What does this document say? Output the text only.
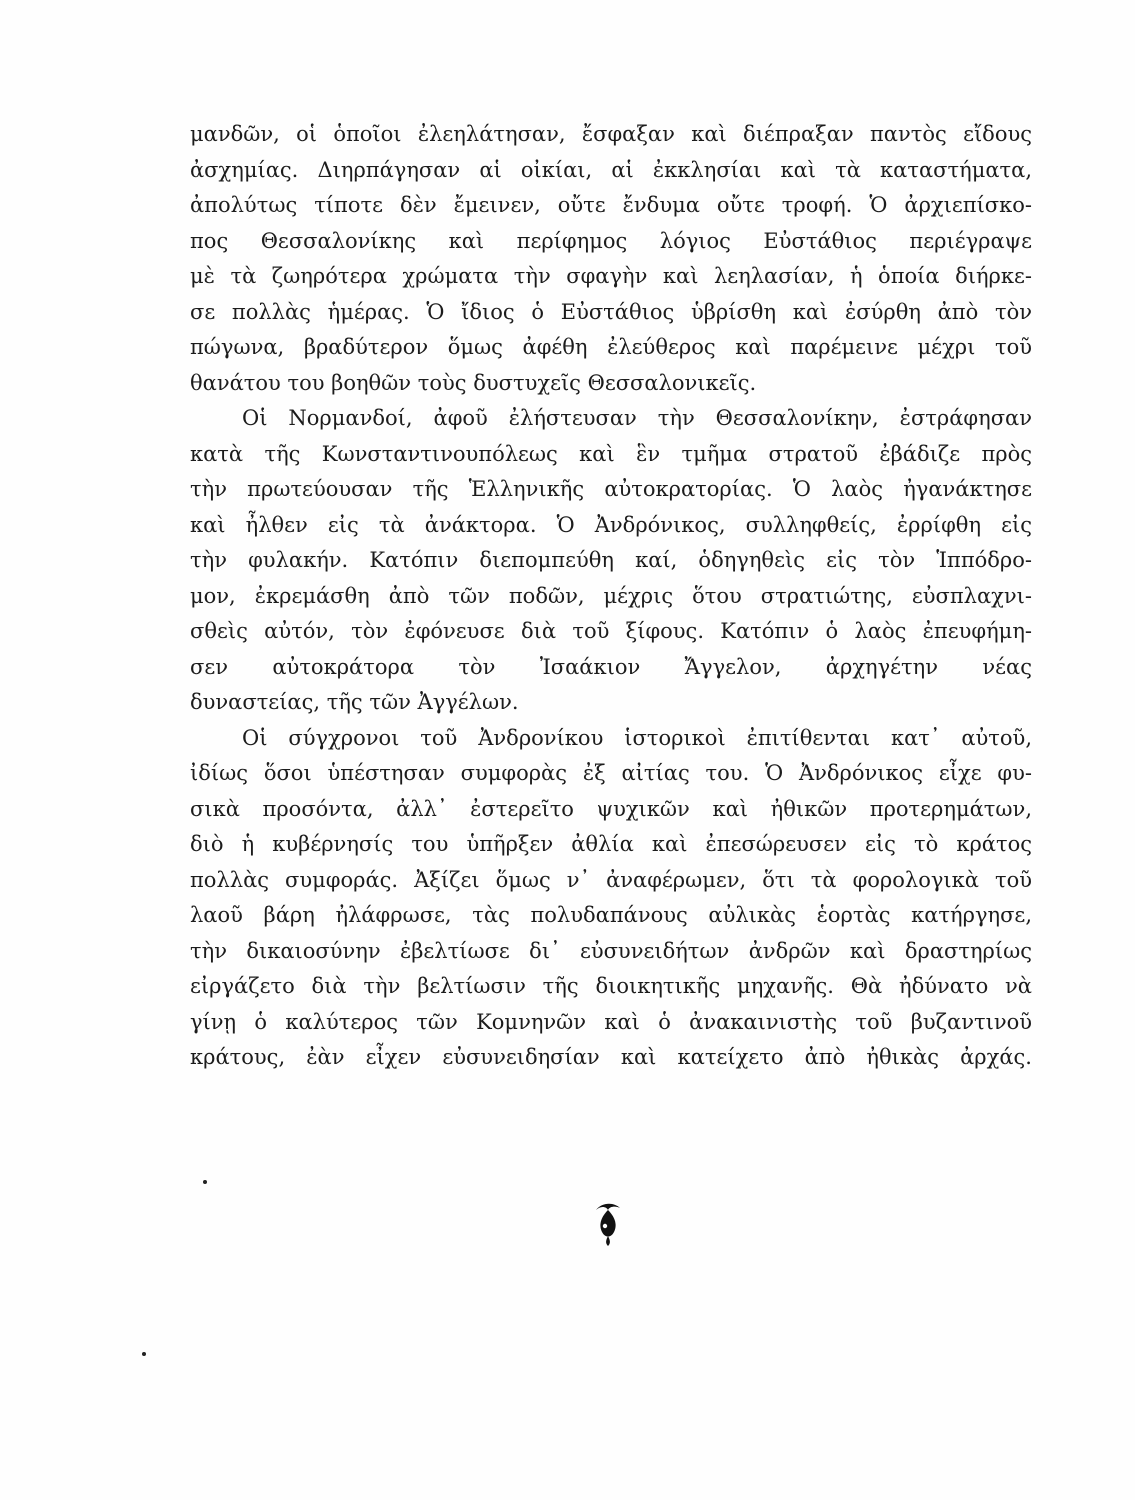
μανδῶν, οἱ ὁποῖοι ἐλεηλάτησαν, ἔσφαξαν καὶ διέπραξαν παντὸς εἴδους
ἀσχημίας. Διηρπάγησαν αἱ οἰκίαι, αἱ ἐκκλησίαι καὶ τὰ καταστήματα,
ἀπολύτως τίποτε δὲν ἔμεινεν, οὔτε ἔνδυμα οὔτε τροφή. Ὁ ἀρχιεπίσκο-
πος Θεσσαλονίκης καὶ περίφημος λόγιος Εὐστάθιος περιέγραψε
μὲ τὰ ζωηρότερα χρώματα τὴν σφαγὴν καὶ λεηλασίαν, ἡ ὁποία διήρκε-
σε πολλὰς ἡμέρας. Ὁ ἴδιος ὁ Εὐστάθιος ὑβρίσθη καὶ ἐσύρθη ἀπὸ τὸν
πώγωνα, βραδύτερον ὅμως ἀφέθη ἐλεύθερος καὶ παρέμεινε μέχρι τοῦ
θανάτου του βοηθῶν τοὺς δυστυχεῖς Θεσσαλονικεῖς.
Οἱ Νορμανδοί, ἀφοῦ ἐλήστευσαν τὴν Θεσσαλονίκην, ἐστράφησαν
κατὰ τῆς Κωνσταντινουπόλεως καὶ ἓν τμῆμα στρατοῦ ἐβάδιζε πρὸς
τὴν πρωτεύουσαν τῆς Ἑλληνικῆς αὐτοκρατορίας. Ὁ λαὸς ἠγανάκτησε
καὶ ἦλθεν εἰς τὰ ἀνάκτορα. Ὁ Ἀνδρόνικος, συλληφθείς, ἐρρίφθη εἰς
τὴν φυλακήν. Κατόπιν διεπομπεύθη καί, ὁδηγηθεὶς εἰς τὸν Ἱππόδρο-
μον, ἐκρεμάσθη ἀπὸ τῶν ποδῶν, μέχρις ὅτου στρατιώτης, εὐσπλαχνι-
σθεὶς αὐτόν, τὸν ἐφόνευσε διὰ τοῦ ξίφους. Κατόπιν ὁ λαὸς ἐπευφήμη-
σεν αὐτοκράτορα τὸν Ἰσαάκιον Ἄγγελον, ἀρχηγέτην νέας
δυναστείας, τῆς τῶν Ἀγγέλων.
Οἱ σύγχρονοι τοῦ Ἀνδρονίκου ἱστορικοὶ ἐπιτίθενται κατ᾿ αὐτοῦ,
ἰδίως ὅσοι ὑπέστησαν συμφορὰς ἐξ αἰτίας του. Ὁ Ἀνδρόνικος εἶχε φυ-
σικὰ προσόντα, ἀλλ᾿ ἐστερεῖτο ψυχικῶν καὶ ἠθικῶν προτερημάτων,
διὸ ἡ κυβέρνησίς του ὑπῆρξεν ἀθλία καὶ ἐπεσώρευσεν εἰς τὸ κράτος
πολλὰς συμφοράς. Ἀξίζει ὅμως ν᾿ ἀναφέρωμεν, ὅτι τὰ φορολογικὰ τοῦ
λαοῦ βάρη ἠλάφρωσε, τὰς πολυδαπάνους αὐλικὰς ἑορτὰς κατήργησε,
τὴν δικαιοσύνην ἐβελτίωσε δι᾿ εὐσυνειδήτων ἀνδρῶν καὶ δραστηρίως
εἰργάζετο διὰ τὴν βελτίωσιν τῆς διοικητικῆς μηχανῆς. Θὰ ἠδύνατο νὰ
γίνῃ ὁ καλύτερος τῶν Κομνηνῶν καὶ ὁ ἀνακαινιστὴς τοῦ βυζαντινοῦ
κράτους, ἐὰν εἶχεν εὐσυνειδησίαν καὶ κατείχετο ἀπὸ ἠθικὰς ἀρχάς.
